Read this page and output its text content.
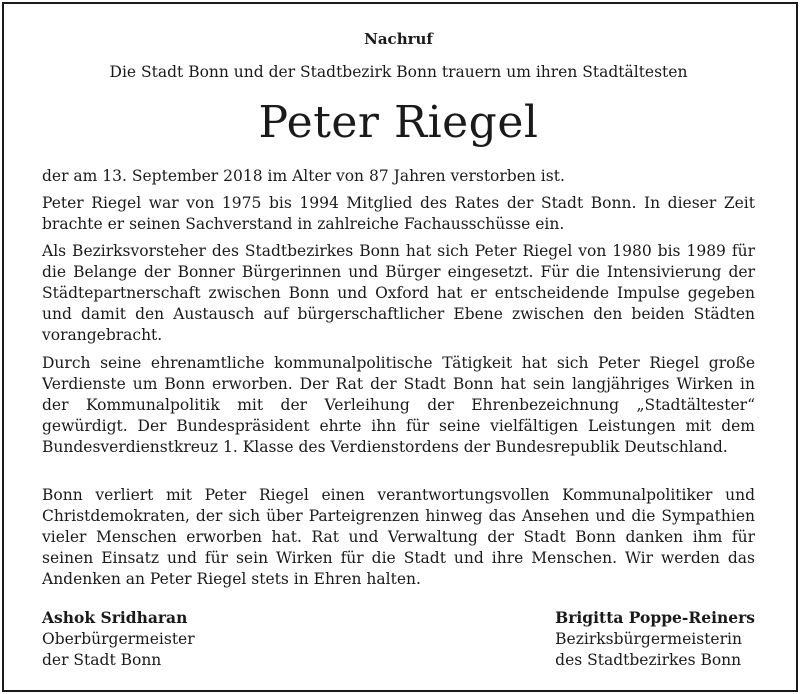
Nachruf
Die Stadt Bonn und der Stadtbezirk Bonn trauern um ihren Stadtältesten
Peter Riegel

der am 13. September 2018 im Alter von 87 Jahren verstorben ist.

Peter Riegel war von 1975 bis 1994 Mitglied des Rates der Stadt Bonn. In dieser Zeit brachte er seinen Sachverstand in zahlreiche Fachausschüsse ein.

Als Bezirksvorsteher des Stadtbezirkes Bonn hat sich Peter Riegel von 1980 bis 1989 für die Belange der Bonner Bürgerinnen und Bürger eingesetzt. Für die Intensivierung der Städtepartnerschaft zwischen Bonn und Oxford hat er entscheidende Impulse gegeben und damit den Austausch auf bürgerschaftlicher Ebene zwischen den beiden Städten vorangebracht.

Durch seine ehrenamtliche kommunalpolitische Tätigkeit hat sich Peter Riegel große Verdienste um Bonn erworben. Der Rat der Stadt Bonn hat sein langjähriges Wirken in der Kommunalpolitik mit der Verleihung der Ehrenbezeichnung „Stadtältester“ gewürdigt. Der Bundespräsident ehrte ihn für seine vielfältigen Leistungen mit dem Bundesverdienstkreuz 1. Klasse des Verdienstordens der Bundesrepublik Deutschland.

Bonn verliert mit Peter Riegel einen verantwortungsvollen Kommunalpolitiker und Christdemokraten, der sich über Parteigrenzen hinweg das Ansehen und die Sympathien vieler Menschen erworben hat. Rat und Verwaltung der Stadt Bonn danken ihm für seinen Einsatz und für sein Wirken für die Stadt und ihre Menschen. Wir werden das Andenken an Peter Riegel stets in Ehren halten.

Ashok Sridharan
Oberbürgermeister
der Stadt Bonn
Brigitta Poppe-Reiners
Bezirksbürgermeisterin
des Stadtbezirkes Bonn
